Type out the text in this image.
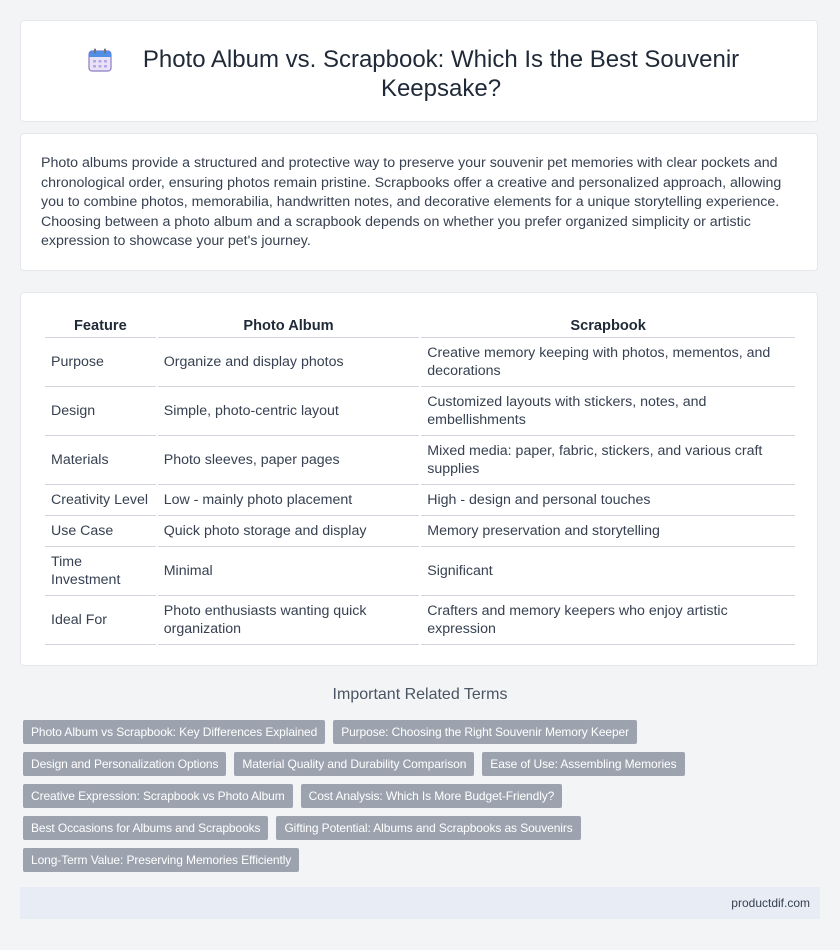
Photo Album vs. Scrapbook: Which Is the Best Souvenir Keepsake?
Photo albums provide a structured and protective way to preserve your souvenir pet memories with clear pockets and chronological order, ensuring photos remain pristine. Scrapbooks offer a creative and personalized approach, allowing you to combine photos, memorabilia, handwritten notes, and decorative elements for a unique storytelling experience. Choosing between a photo album and a scrapbook depends on whether you prefer organized simplicity or artistic expression to showcase your pet's journey.
Feature	Photo Album	Scrapbook
Purpose	Organize and display photos	Creative memory keeping with photos, mementos, and decorations
Design	Simple, photo-centric layout	Customized layouts with stickers, notes, and embellishments
Materials	Photo sleeves, paper pages	Mixed media: paper, fabric, stickers, and various craft supplies
Creativity Level	Low - mainly photo placement	High - design and personal touches
Use Case	Quick photo storage and display	Memory preservation and storytelling
Time Investment	Minimal	Significant
Ideal For	Photo enthusiasts wanting quick organization	Crafters and memory keepers who enjoy artistic expression
Important Related Terms
Photo Album vs Scrapbook: Key Differences Explained	Purpose: Choosing the Right Souvenir Memory Keeper
Design and Personalization Options	Material Quality and Durability Comparison	Ease of Use: Assembling Memories
Creative Expression: Scrapbook vs Photo Album	Cost Analysis: Which Is More Budget-Friendly?
Best Occasions for Albums and Scrapbooks	Gifting Potential: Albums and Scrapbooks as Souvenirs
Long-Term Value: Preserving Memories Efficiently
productdif.com
